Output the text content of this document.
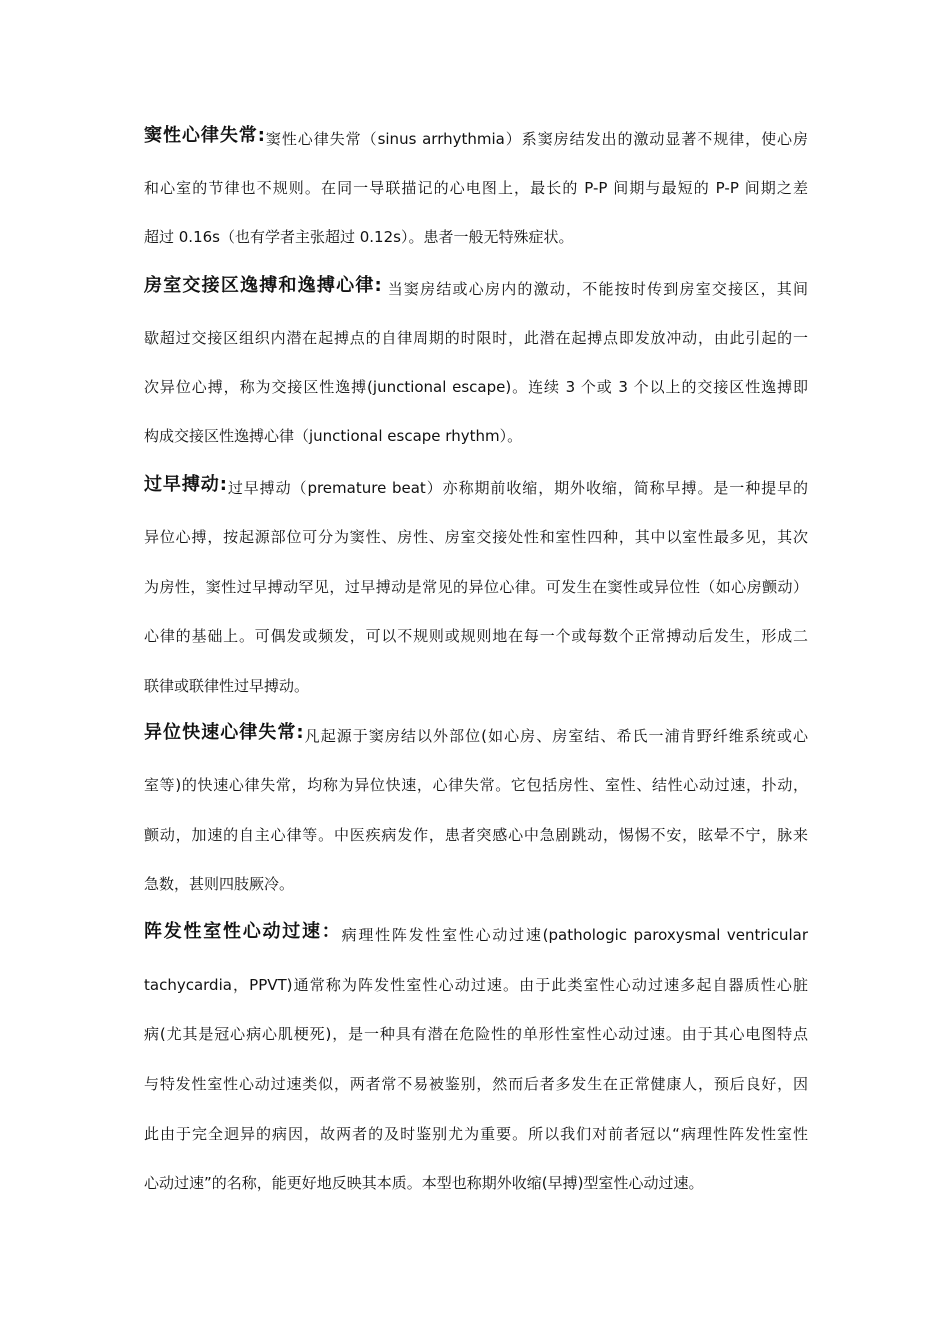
窦性心律失常:窦性心律失常（sinus arrhythmia）系窦房结发出的激动显著不规律，使心房
和心室的节律也不规则。在同一导联描记的心电图上，最长的 P-P 间期与最短的 P-P 间期之差
超过 0.16s（也有学者主张超过 0.12s）。患者一般无特殊症状。
房室交接区逸搏和逸搏心律: 当窦房结或心房内的激动，不能按时传到房室交接区，其间
歇超过交接区组织内潜在起搏点的自律周期的时限时，此潜在起搏点即发放冲动，由此引起的一
次异位心搏，称为交接区性逸搏(junctional escape)。连续 3 个或 3 个以上的交接区性逸搏即
构成交接区性逸搏心律（junctional escape rhythm）。
过早搏动:过早搏动（premature beat）亦称期前收缩，期外收缩，简称早搏。是一种提早的
异位心搏，按起源部位可分为窦性、房性、房室交接处性和室性四种，其中以室性最多见，其次
为房性，窦性过早搏动罕见，过早搏动是常见的异位心律。可发生在窦性或异位性（如心房颤动）
心律的基础上。可偶发或频发，可以不规则或规则地在每一个或每数个正常搏动后发生，形成二
联律或联律性过早搏动。
异位快速心律失常:凡起源于窦房结以外部位(如心房、房室结、希氏一浦肯野纤维系统或心
室等)的快速心律失常，均称为异位快速，心律失常。它包括房性、室性、结性心动过速，扑动，
颤动，加速的自主心律等。中医疾病发作，患者突感心中急剧跳动，惕惕不安，眩晕不宁，脉来
急数，甚则四肢厥冷。
阵发性室性心动过速：病理性阵发性室性心动过速(pathologic paroxysmal ventricular
tachycardia，PPVT)通常称为阵发性室性心动过速。由于此类室性心动过速多起自器质性心脏
病(尤其是冠心病心肌梗死)，是一种具有潜在危险性的单形性室性心动过速。由于其心电图特点
与特发性室性心动过速类似，两者常不易被鉴别，然而后者多发生在正常健康人，预后良好，因
此由于完全迥异的病因，故两者的及时鉴别尤为重要。所以我们对前者冠以“病理性阵发性室性
心动过速”的名称，能更好地反映其本质。本型也称期外收缩(早搏)型室性心动过速。
